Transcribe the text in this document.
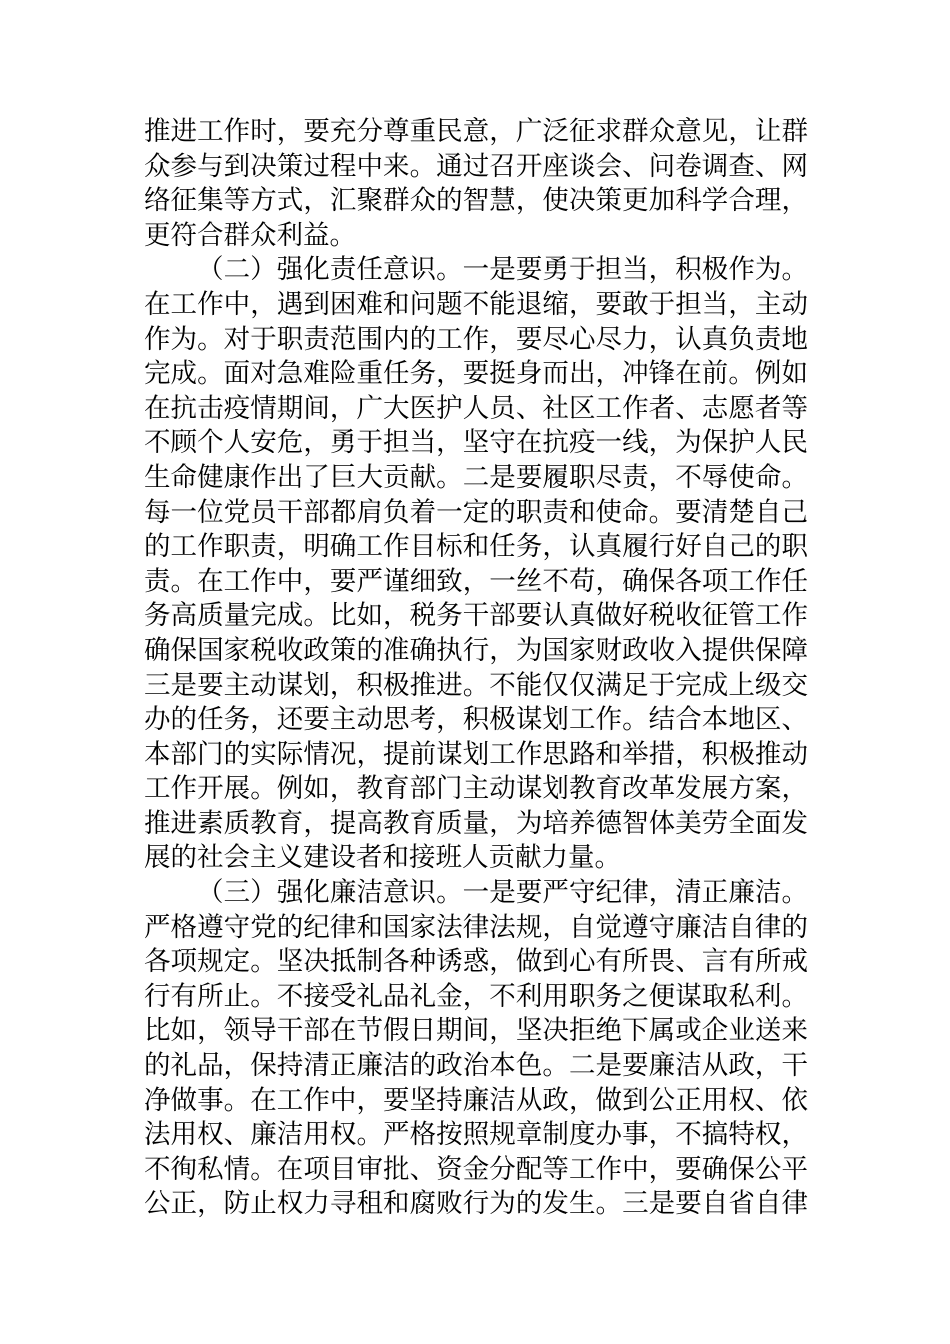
推进工作时，要充分尊重民意，广泛征求群众意见，让群
众参与到决策过程中来。通过召开座谈会、问卷调查、网
络征集等方式，汇聚群众的智慧，使决策更加科学合理，
更符合群众利益。
（二）强化责任意识。一是要勇于担当，积极作为。
在工作中，遇到困难和问题不能退缩，要敢于担当，主动
作为。对于职责范围内的工作，要尽心尽力，认真负责地
完成。面对急难险重任务，要挺身而出，冲锋在前。例如
在抗击疫情期间，广大医护人员、社区工作者、志愿者等
不顾个人安危，勇于担当，坚守在抗疫一线，为保护人民
生命健康作出了巨大贡献。二是要履职尽责，不辱使命。
每一位党员干部都肩负着一定的职责和使命。要清楚自己
的工作职责，明确工作目标和任务，认真履行好自己的职
责。在工作中，要严谨细致，一丝不苟，确保各项工作任
务高质量完成。比如，税务干部要认真做好税收征管工作
确保国家税收政策的准确执行，为国家财政收入提供保障
三是要主动谋划，积极推进。不能仅仅满足于完成上级交
办的任务，还要主动思考，积极谋划工作。结合本地区、
本部门的实际情况，提前谋划工作思路和举措，积极推动
工作开展。例如，教育部门主动谋划教育改革发展方案，
推进素质教育，提高教育质量，为培养德智体美劳全面发
展的社会主义建设者和接班人贡献力量。
（三）强化廉洁意识。一是要严守纪律，清正廉洁。
严格遵守党的纪律和国家法律法规，自觉遵守廉洁自律的
各项规定。坚决抵制各种诱惑，做到心有所畏、言有所戒
行有所止。不接受礼品礼金，不利用职务之便谋取私利。
比如，领导干部在节假日期间，坚决拒绝下属或企业送来
的礼品，保持清正廉洁的政治本色。二是要廉洁从政，干
净做事。在工作中，要坚持廉洁从政，做到公正用权、依
法用权、廉洁用权。严格按照规章制度办事，不搞特权，
不徇私情。在项目审批、资金分配等工作中，要确保公平
公正，防止权力寻租和腐败行为的发生。三是要自省自律
